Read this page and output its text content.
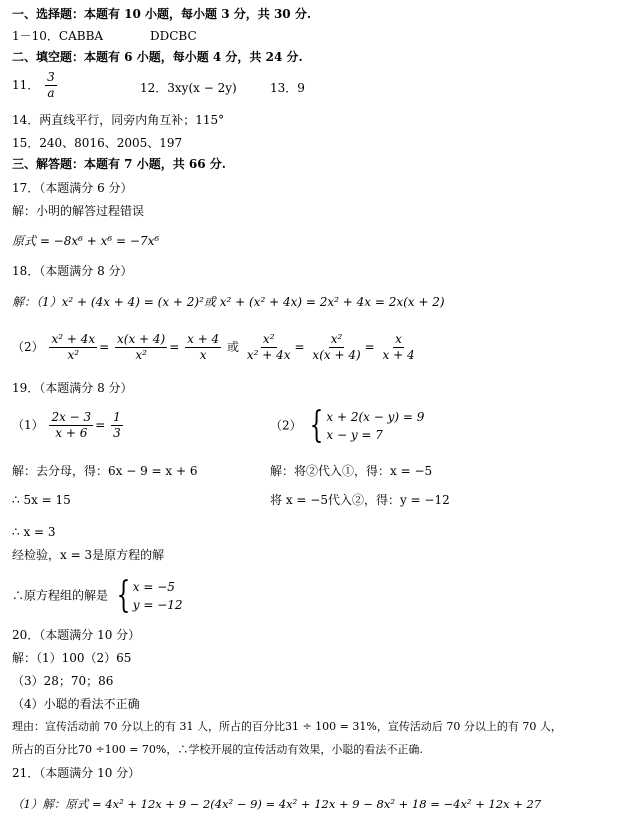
一、选择题：本题有 10 小题，每小题 3 分，共 30 分.
1－10．CABBA	DDCBC
二、填空题：本题有 6 小题，每小题 4 分，共 24 分.
11． $\frac{3}{a}$	12．3xy(x − 2y)	13．9
14．两直线平行，同旁内角互补；115°
15．240、8016、2005、197
三、解答题：本题有 7 小题，共 66 分.
17．（本题满分 6 分）
解：小明的解答过程错误
原式 = −8x⁶ + x⁶ = −7x⁶
18．（本题满分 8 分）
解：（1）x² + (4x + 4) = (x + 2)²或 x² + (x² + 4x) = 2x² + 4x = 2x(x + 2)
$(2) \frac{\text{x² + 4x}}{\text{x²}} = \frac{x(x + 4)}{\text{x²}} = \frac{x + 4}{x}$ 或 $\frac{\text{x²}}{\text{x² + 4x}} = \frac{\text{x²}}{x(x + 4)} = \frac{x}{x + 4}$
19．（本题满分 8 分）
$(1) \frac{2x - 3}{x + 6} = \frac{1}{3}$	（2） { x + 2(x − y) = 9
x − y = 7
解：去分母，得：6x − 9 = x + 6	解：将②代入①，得：x = −5
∴ 5x = 15	将 x = −5代入②，得：y = −12
∴ x = 3
经检验，x = 3是原方程的解
∴原方程组的解是 { x = −5
y = −12
20．（本题满分 10 分）
解：（1）100（2）65
（3）28；70；86
（4）小聪的看法不正确
理由：宣传活动前 70 分以上的有 31 人，所占的百分比31 ÷ 100 = 31%，宣传活动后 70 分以上的有 70 人，
所占的百分比70 ÷100 = 70%，∴学校开展的宣传活动有效果，小聪的看法不正确.
21．（本题满分 10 分）
（1）解：原式 = 4x² + 12x + 9 − 2(4x² − 9) = 4x² + 12x + 9 − 8x² + 18 = −4x² + 12x + 27
